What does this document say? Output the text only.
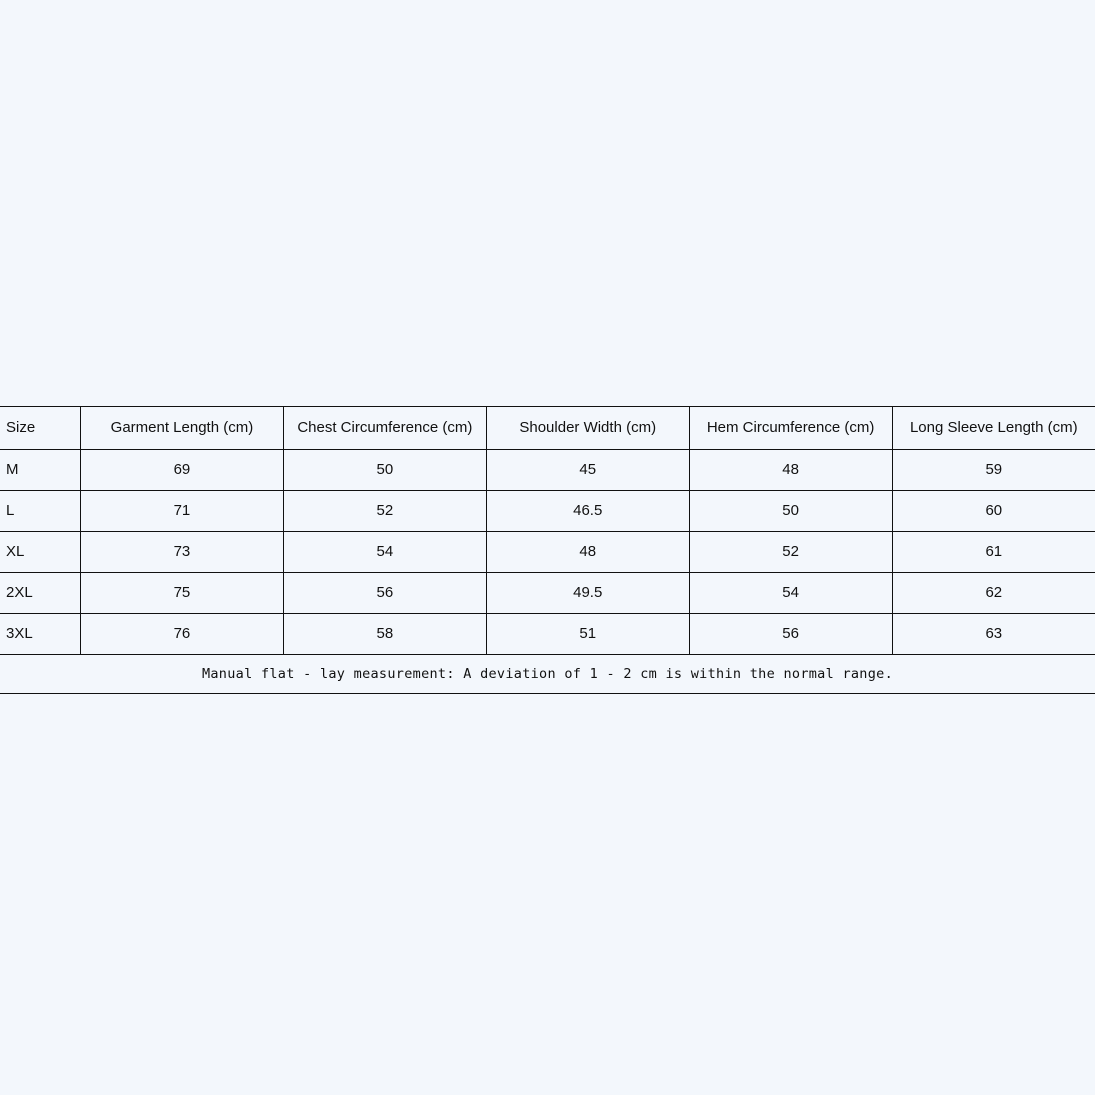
Size	Garment Length (cm)	Chest Circumference (cm)	Shoulder Width (cm)	Hem Circumference (cm)	Long Sleeve Length (cm)
M	69	50	45	48	59
L	71	52	46.5	50	60
XL	73	54	48	52	61
2XL	75	56	49.5	54	62
3XL	76	58	51	56	63
Manual flat - lay measurement: A deviation of 1 - 2 cm is within the normal range.					
